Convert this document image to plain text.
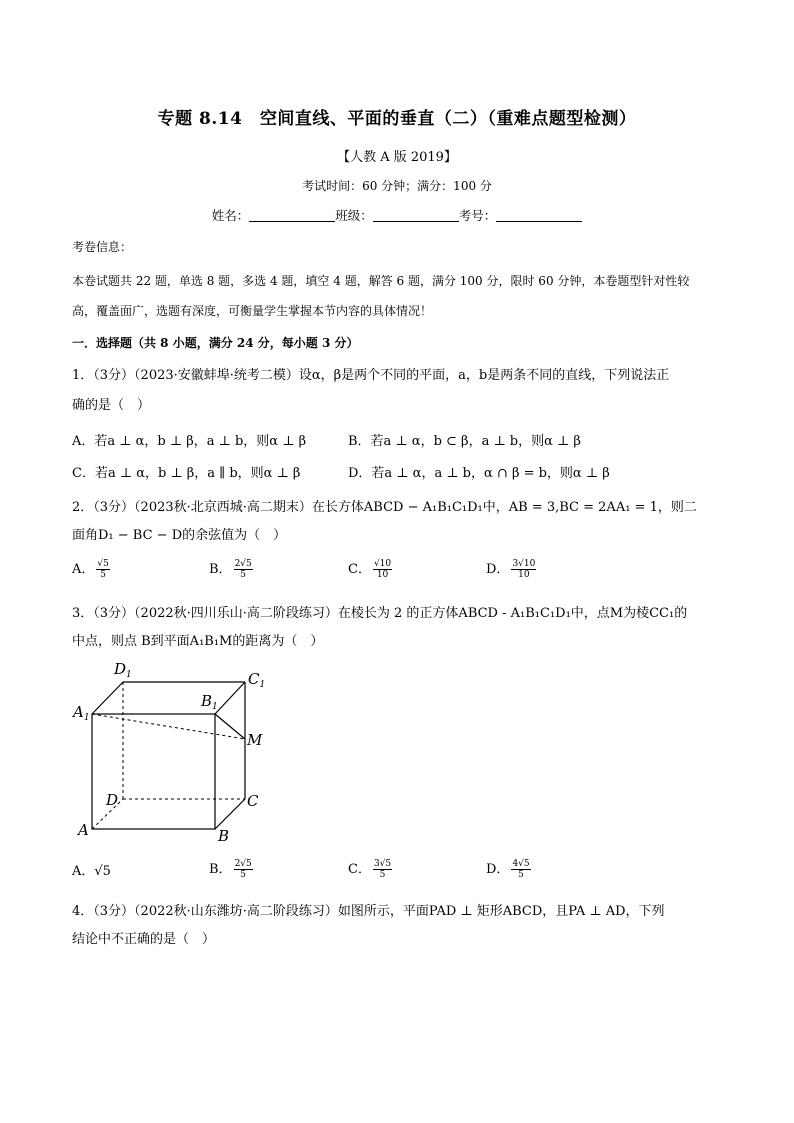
专题 8.14　空间直线、平面的垂直（二）（重难点题型检测）
【人教 A 版 2019】
考试时间：60 分钟；满分：100 分
姓名：	班级：	考号：
考卷信息：
本卷试题共 22 题，单选 8 题，多选 4 题，填空 4 题，解答 6 题，满分 100 分，限时 60 分钟，本卷题型针对性较
高，覆盖面广，选题有深度，可衡量学生掌握本节内容的具体情况！
一．选择题（共 8 小题，满分 24 分，每小题 3 分）
1．（3分）（2023·安徽蚌埠·统考二模）设α，β是两个不同的平面，a，b是两条不同的直线，下列说法正
确的是（　）
A．若a ⊥ α，b ⊥ β，a ⊥ b，则α ⊥ β	B．若a ⊥ α，b ⊂ β，a ⊥ b，则α ⊥ β
C．若a ⊥ α，b ⊥ β，a ∥ b，则α ⊥ β	D．若a ⊥ α，a ⊥ b，α ∩ β = b，则α ⊥ β
2．（3分）（2023秋·北京西城·高二期末）在长方体ABCD − A₁B₁C₁D₁中，AB = 3,BC = 2AA₁ = 1，则二
面角D₁ − BC − D的余弦值为（　）
A． $\frac{√5}{5}$	B． $\frac{2√5}{5}$	C． $\frac{√10}{10}$	D． $\frac{3√10}{10}$
3．（3分）（2022秋·四川乐山·高二阶段练习）在棱长为 2 的正方体ABCD - A₁B₁C₁D₁中，点M为棱CC₁的
中点，则点 B到平面A₁B₁M的距离为（　）
$D_1$	$C_1$
$B_1$
$A_1$
M
D	C
A	B
A．√5	B． $\frac{2√5}{5}$	C． $\frac{3√5}{5}$	D． $\frac{4√5}{5}$
4．（3分）（2022秋·山东潍坊·高二阶段练习）如图所示，平面PAD ⊥ 矩形ABCD，且PA ⊥ AD，下列
结论中不正确的是（　）
